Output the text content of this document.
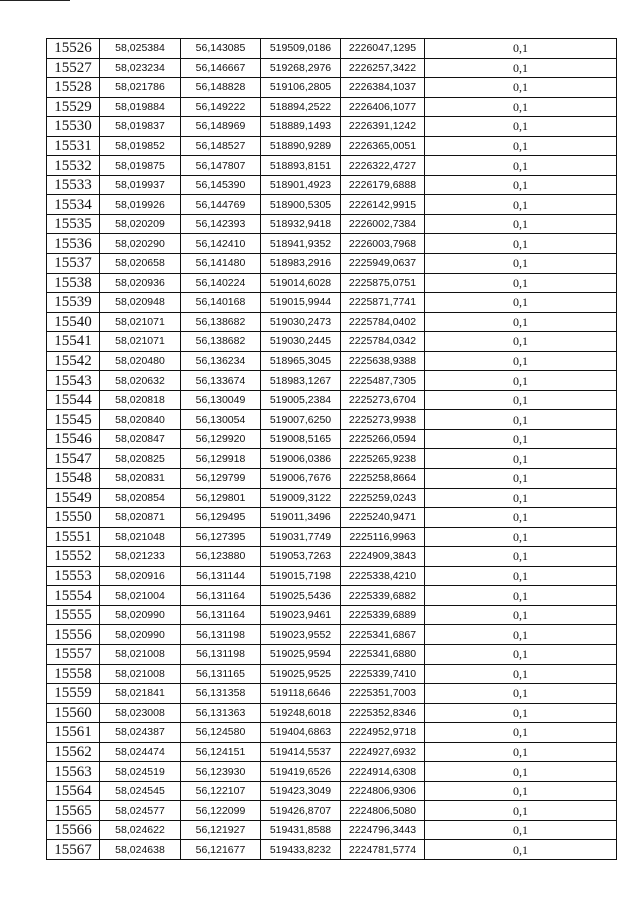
15526	58,025384	56,143085	519509,0186	2226047,1295	0,1
15527	58,023234	56,146667	519268,2976	2226257,3422	0,1
15528	58,021786	56,148828	519106,2805	2226384,1037	0,1
15529	58,019884	56,149222	518894,2522	2226406,1077	0,1
15530	58,019837	56,148969	518889,1493	2226391,1242	0,1
15531	58,019852	56,148527	518890,9289	2226365,0051	0,1
15532	58,019875	56,147807	518893,8151	2226322,4727	0,1
15533	58,019937	56,145390	518901,4923	2226179,6888	0,1
15534	58,019926	56,144769	518900,5305	2226142,9915	0,1
15535	58,020209	56,142393	518932,9418	2226002,7384	0,1
15536	58,020290	56,142410	518941,9352	2226003,7968	0,1
15537	58,020658	56,141480	518983,2916	2225949,0637	0,1
15538	58,020936	56,140224	519014,6028	2225875,0751	0,1
15539	58,020948	56,140168	519015,9944	2225871,7741	0,1
15540	58,021071	56,138682	519030,2473	2225784,0402	0,1
15541	58,021071	56,138682	519030,2445	2225784,0342	0,1
15542	58,020480	56,136234	518965,3045	2225638,9388	0,1
15543	58,020632	56,133674	518983,1267	2225487,7305	0,1
15544	58,020818	56,130049	519005,2384	2225273,6704	0,1
15545	58,020840	56,130054	519007,6250	2225273,9938	0,1
15546	58,020847	56,129920	519008,5165	2225266,0594	0,1
15547	58,020825	56,129918	519006,0386	2225265,9238	0,1
15548	58,020831	56,129799	519006,7676	2225258,8664	0,1
15549	58,020854	56,129801	519009,3122	2225259,0243	0,1
15550	58,020871	56,129495	519011,3496	2225240,9471	0,1
15551	58,021048	56,127395	519031,7749	2225116,9963	0,1
15552	58,021233	56,123880	519053,7263	2224909,3843	0,1
15553	58,020916	56,131144	519015,7198	2225338,4210	0,1
15554	58,021004	56,131164	519025,5436	2225339,6882	0,1
15555	58,020990	56,131164	519023,9461	2225339,6889	0,1
15556	58,020990	56,131198	519023,9552	2225341,6867	0,1
15557	58,021008	56,131198	519025,9594	2225341,6880	0,1
15558	58,021008	56,131165	519025,9525	2225339,7410	0,1
15559	58,021841	56,131358	519118,6646	2225351,7003	0,1
15560	58,023008	56,131363	519248,6018	2225352,8346	0,1
15561	58,024387	56,124580	519404,6863	2224952,9718	0,1
15562	58,024474	56,124151	519414,5537	2224927,6932	0,1
15563	58,024519	56,123930	519419,6526	2224914,6308	0,1
15564	58,024545	56,122107	519423,3049	2224806,9306	0,1
15565	58,024577	56,122099	519426,8707	2224806,5080	0,1
15566	58,024622	56,121927	519431,8588	2224796,3443	0,1
15567	58,024638	56,121677	519433,8232	2224781,5774	0,1
